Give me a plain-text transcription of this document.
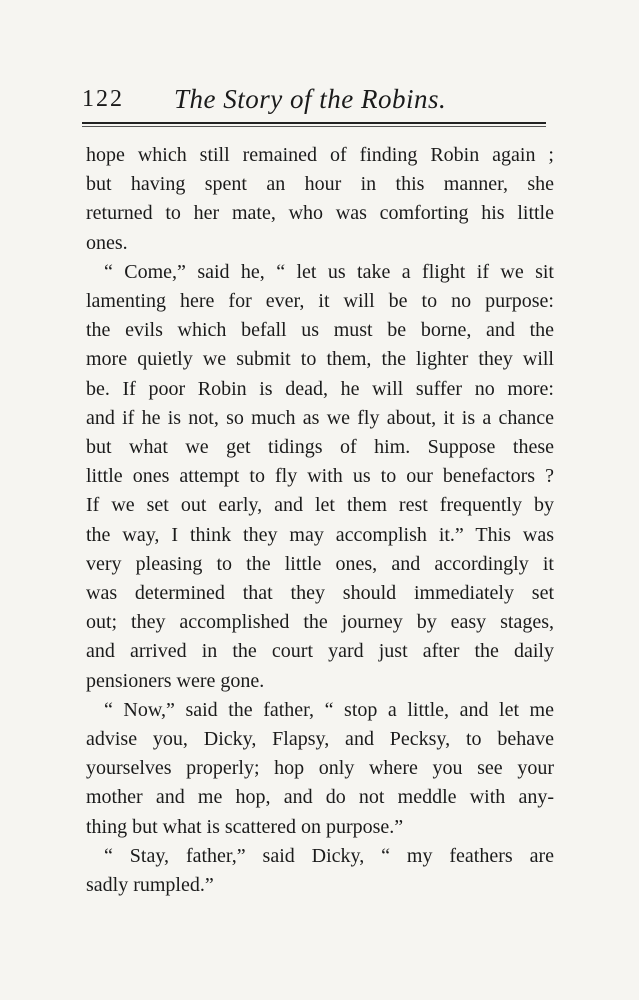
122 The Story of the Robins.
hope which still remained of finding Robin again ;
but having spent an hour in this manner, she
returned to her mate, who was comforting his little
ones.
“ Come,” said he, “ let us take a flight if we sit
lamenting here for ever, it will be to no purpose:
the evils which befall us must be borne, and the
more quietly we submit to them, the lighter they will
be. If poor Robin is dead, he will suffer no more:
and if he is not, so much as we fly about, it is a chance
but what we get tidings of him. Suppose these
little ones attempt to fly with us to our benefactors ?
If we set out early, and let them rest frequently by
the way, I think they may accomplish it.” This was
very pleasing to the little ones, and accordingly it
was determined that they should immediately set
out; they accomplished the journey by easy stages,
and arrived in the court yard just after the daily
pensioners were gone.
“ Now,” said the father, “ stop a little, and let me
advise you, Dicky, Flapsy, and Pecksy, to behave
yourselves properly; hop only where you see your
mother and me hop, and do not meddle with any-
thing but what is scattered on purpose.”
“ Stay, father,” said Dicky, “ my feathers are
sadly rumpled.”
